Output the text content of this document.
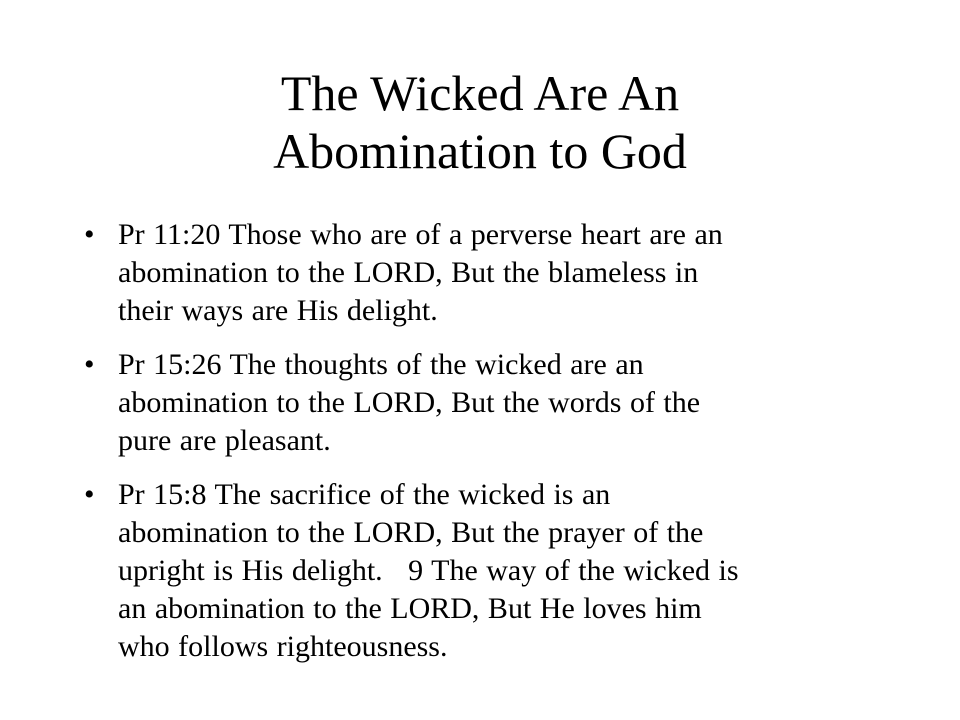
The Wicked Are An
Abomination to God
• Pr 11:20 Those who are of a perverse heart are an
abomination to the LORD, But the blameless in
their ways are His delight.
• Pr 15:26 The thoughts of the wicked are an
abomination to the LORD, But the words of the
pure are pleasant.
• Pr 15:8 The sacrifice of the wicked is an
abomination to the LORD, But the prayer of the
upright is His delight.   9 The way of the wicked is
an abomination to the LORD, But He loves him
who follows righteousness.
